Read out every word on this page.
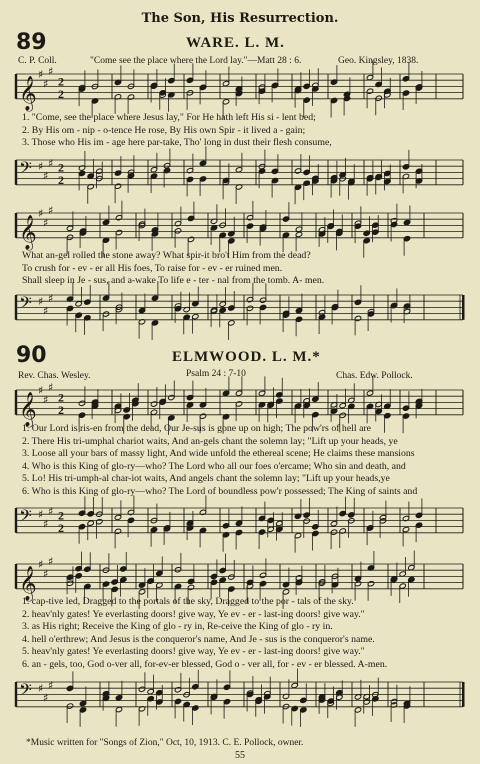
The Son, His Resurrection.
89	WARE. L. M.
C. P. Coll.	"Come see the place where the Lord lay."—Matt 28 : 6.	Geo. Kingsley, 1838.
𝄞
♯
♯
♯
2
2
1. "Come, see the place where Jesus lay," For He hath left His si - lent bed;
2. By His om - nip - o-tence He rose, By His own Spir - it lived a - gain;
3. Those who His im - age here par-take, Tho' long in dust their flesh consume,
𝄢 ♯
♯
♯ 2
2
𝄞
♯
♯
♯
What an-gel rolled the stone away? What spir-it bro't Him from the dead?
To crush for - ev - er all His foes, To raise for - ev - er ruined men.
Shall sleep in Je - sus, and a-wake To life e - ter - nal from the tomb. A- men.
𝄢 ♯
♯
♯
90	ELMWOOD. L. M.*
Rev. Chas. Wesley.	Psalm 24 : 7-10	Chas. Edw. Pollock.
𝄞
♯
♯
♯
2
2
1. Our Lord is ris-en from the dead, Our Je-sus is gone up on high; The pow'rs of hell are
2. There His tri-umphal chariot waits, And an-gels chant the solemn lay; "Lift up your heads, ye
3. Loose all your bars of massy light, And wide unfold the ethereal scene; He claims these mansions
4. Who is this King of glo-ry—who? The Lord who all our foes o'ercame; Who sin and death, and
5. Lo! His tri-umph-al char-iot waits, And angels chant the solemn lay; "Lift up your heads,ye
6. Who is this King of glo-ry—who? The Lord of boundless pow'r possessed; The King of saints and
𝄢 ♯
♯
♯ 2
2
𝄞
♯
♯
♯
1. cap-tive led, Dragged to the portals of the sky, Dragged to the por - tals of the sky.
2. heav'nly gates! Ye everlasting doors! give way, Ye ev - er - last-ing doors! give way."
3. as His right; Receive the King of glo - ry in, Re-ceive the King of glo - ry in.
4. hell o'erthrew; And Jesus is the conqueror's name, And Je - sus is the conqueror's name.
5. heav'nly gates! Ye everlasting doors! give way, Ye ev - er - last-ing doors! give way."
6. an - gels, too, God o-ver all, for-ev-er blessed, God o - ver all, for - ev - er blessed. A-men.
𝄢 ♯
♯
♯
*Music written for "Songs of Zion," Oct, 10, 1913. C. E. Pollock, owner.
55
